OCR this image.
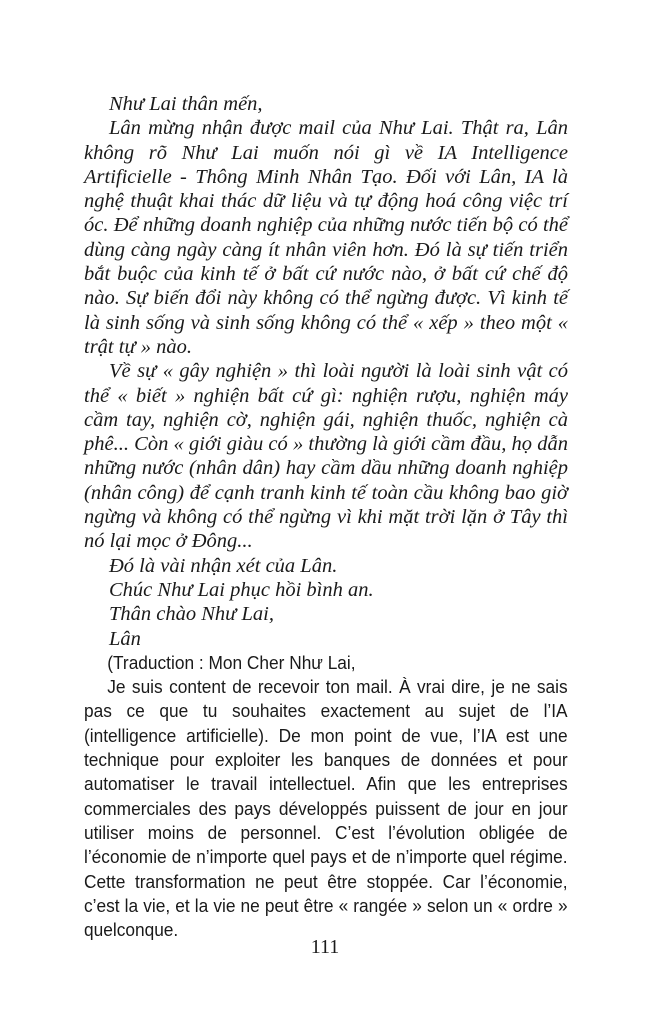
Như Lai thân mến,

Lân mừng nhận được mail của Như Lai. Thật ra, Lân không rõ Như Lai muốn nói gì về IA Intelligence Artificielle - Thông Minh Nhân Tạo. Đối với Lân, IA là nghệ thuật khai thác dữ liệu và tự động hoá công việc trí óc. Để những doanh nghiệp của những nước tiến bộ có thể dùng càng ngày càng ít nhân viên hơn. Đó là sự tiến triển bắt buộc của kinh tế ở bất cứ nước nào, ở bất cứ chế độ nào. Sự biến đổi này không có thể ngừng được. Vì kinh tế là sinh sống và sinh sống không có thể « xếp » theo một « trật tự » nào.

Về sự « gây nghiện » thì loài người là loài sinh vật có thể « biết » nghiện bất cứ gì: nghiện rượu, nghiện máy cầm tay, nghiện cờ, nghiện gái, nghiện thuốc, nghiện cà phê... Còn « giới giàu có » thường là giới cầm đầu, họ dẫn những nước (nhân dân) hay cầm dầu những doanh nghiệp (nhân công) để cạnh tranh kinh tế toàn cầu không bao giờ ngừng và không có thể ngừng vì khi mặt trời lặn ở Tây thì nó lại mọc ở Đông...

Đó là vài nhận xét của Lân.

Chúc Như Lai phục hồi bình an.

Thân chào Như Lai,

Lân

(Traduction : Mon Cher Như Lai,

Je suis content de recevoir ton mail. À vrai dire, je ne sais pas ce que tu souhaites exactement au sujet de l’IA (intelligence artificielle). De mon point de vue, l’IA est une technique pour exploiter les banques de données et pour automatiser le travail intellectuel. Afin que les entreprises commerciales des pays développés puissent de jour en jour utiliser moins de personnel. C’est l’évolution obligée de l’économie de n’importe quel pays et de n’importe quel régime. Cette transformation ne peut être stoppée. Car l’économie, c’est la vie, et la vie ne peut être « rangée » selon un « ordre » quelconque.

111
